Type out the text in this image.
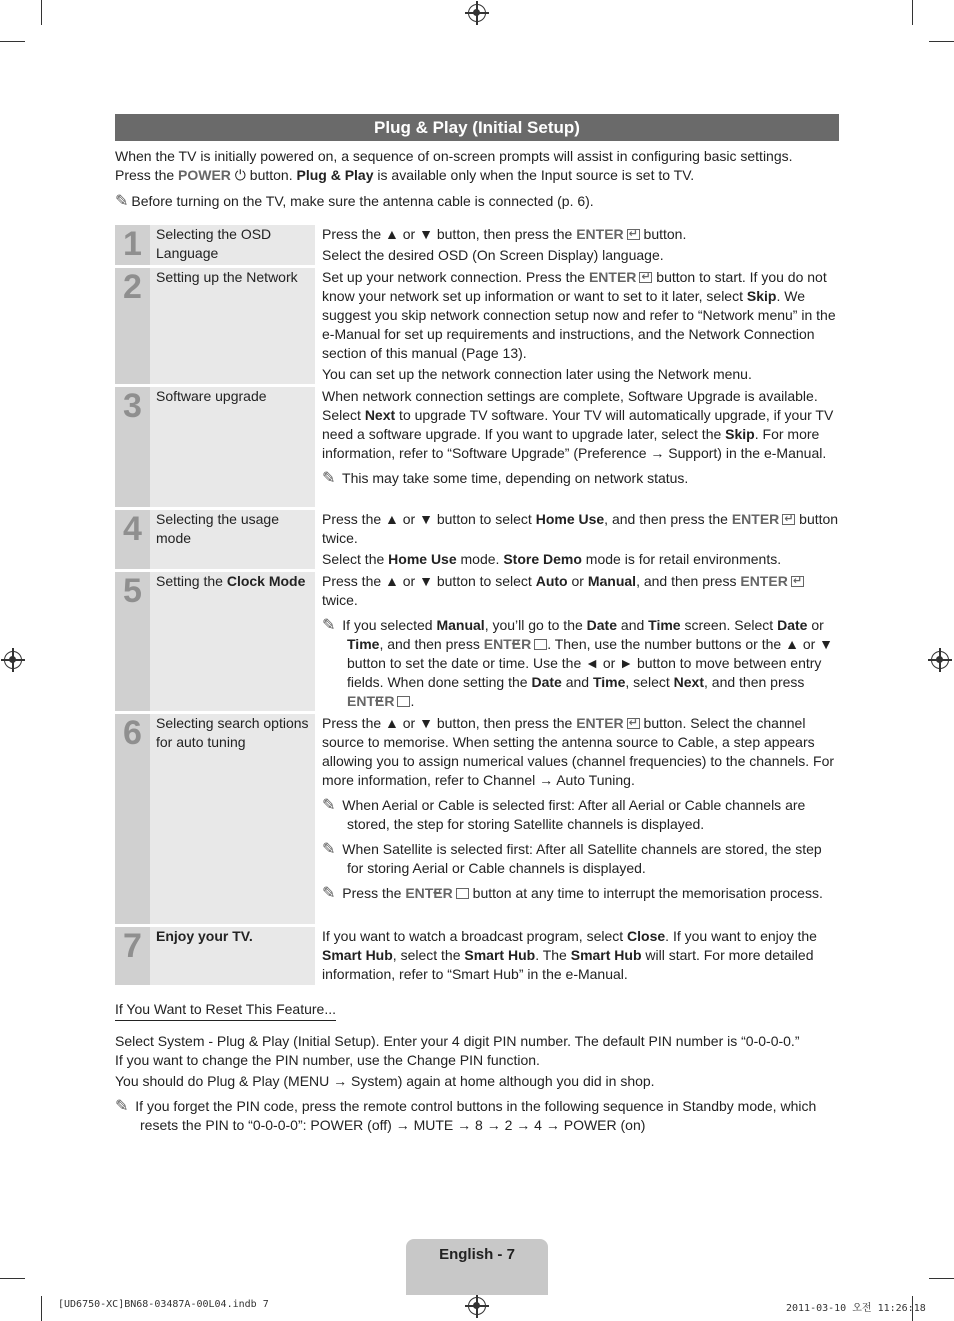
Plug & Play (Initial Setup)

When the TV is initially powered on, a sequence of on-screen prompts will assist in configuring basic settings.

Press the POWER ⏻ button. Plug & Play is available only when the Input source is set to TV.

✎ Before turning on the TV, make sure the antenna cable is connected (p. 6).

1	Selecting the OSD Language	Press the ▲ or ▼ button, then press the ENTER↵ button.

Select the desired OSD (On Screen Display) language.

2	Setting up the Network	Set up your network connection. Press the ENTER↵ button to start. If you do not know your network set up information or want to set to it later, select Skip. We suggest you skip network connection setup now and refer to “Network menu” in the e-Manual for set up requirements and instructions, and the Network Connection section of this manual (Page 13).

You can set up the network connection later using the Network menu.

3	Software upgrade	When network connection settings are complete, Software Upgrade is available. Select Next to upgrade TV software. Your TV will automatically upgrade, if your TV need a software upgrade. If you want to upgrade later, select the Skip. For more information, refer to “Software Upgrade” (Preference → Support) in the e-Manual.

✎ This may take some time, depending on network status.

4	Selecting the usage mode	Press the ▲ or ▼ button to select Home Use, and then press the ENTER↵ button twice.

Select the Home Use mode. Store Demo mode is for retail environments.

5	Setting the Clock Mode	Press the ▲ or ▼ button to select Auto or Manual, and then press ENTER↵ twice.

✎ If you selected Manual, you’ll go to the Date and Time screen. Select Date or Time, and then press ENTER ↵ . Then, use the number buttons or the ▲ or ▼ button to set the date or time. Use the ◄ or ► button to move between entry fields. When done setting the Date and Time, select Next, and then press ENTER ↵ .

6	Selecting search options for auto tuning	Press the ▲ or ▼ button, then press the ENTER↵ button. Select the channel source to memorise. When setting the antenna source to Cable, a step appears allowing you to assign numerical values (channel frequencies) to the channels. For more information, refer to Channel → Auto Tuning.

✎ When Aerial or Cable is selected first: After all Aerial or Cable channels are stored, the step for storing Satellite channels is displayed.

✎ When Satellite is selected first: After all Satellite channels are stored, the step for storing Aerial or Cable channels is displayed.

✎ Press the ENTER↵ button at any time to interrupt the memorisation process.

7	Enjoy your TV.	If you want to watch a broadcast program, select Close. If you want to enjoy the Smart Hub, select the Smart Hub. The Smart Hub will start. For more detailed information, refer to “Smart Hub” in the e-Manual.

If You Want to Reset This Feature...

Select System - Plug & Play (Initial Setup). Enter your 4 digit PIN number. The default PIN number is “0-0-0-0.”

If you want to change the PIN number, use the Change PIN function.

You should do Plug & Play (MENU → System) again at home although you did in shop.

✎ If you forget the PIN code, press the remote control buttons in the following sequence in Standby mode, which resets the PIN to “0-0-0-0”: POWER (off) → MUTE → 8 → 2 → 4 → POWER (on)

English - 7
[UD6750-XC]BN68-03487A-00L04.indb 7	2011-03-10 오전 11:26:18
